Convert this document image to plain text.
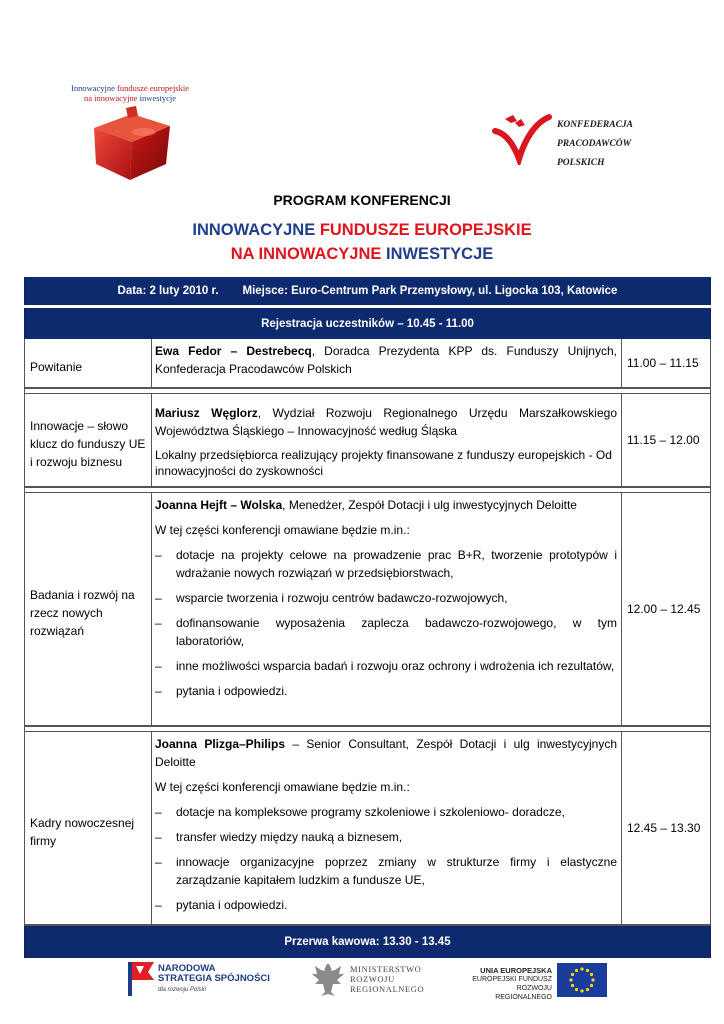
Innowacyjne fundusze europejskie
na innowacyjne inwestycje
KONFEDERACJA
PRACODAWCÓW
POLSKICH
PROGRAM KONFERENCJI
INNOWACYJNE FUNDUSZE EUROPEJSKIE
NA INNOWACYJNE INWESTYCJE
Data: 2 luty 2010 r. Miejsce: Euro-Centrum Park Przemysłowy, ul. Ligocka 103, Katowice
Rejestracja uczestników – 10.45 - 11.00
Powitanie

Ewa Fedor – Destrebecq, Doradca Prezydenta KPP ds. Funduszy Unijnych, Konfederacja Pracodawców Polskich	11.00 – 11.15
Innowacje – słowo klucz do funduszy UE i rozwoju biznesu

Mariusz Węglorz, Wydział Rozwoju Regionalnego Urzędu Marszałkowskiego Województwa Śląskiego – Innowacyjność według Śląska

Lokalny przedsiębiorca realizujący projekty finansowane z funduszy europejskich - Od innowacyjności do zyskowności

11.15 – 12.00
Badania i rozwój na rzecz nowych rozwiązań

Joanna Hejft – Wolska, Menedżer, Zespół Dotacji i ulg inwestycyjnych Deloitte

W tej części konferencji omawiane będzie m.in.:

– dotacje na projekty celowe na prowadzenie prac B+R, tworzenie prototypów i wdrażanie nowych rozwiązań w przedsiębiorstwach,
– wsparcie tworzenia i rozwoju centrów badawczo-rozwojowych,
– dofinansowanie wyposażenia zaplecza badawczo-rozwojowego, w tym laboratoriów,
– inne możliwości wsparcia badań i rozwoju oraz ochrony i wdrożenia ich rezultatów,
– pytania i odpowiedzi.
12.00 – 12.45
Kadry nowoczesnej firmy

Joanna Plizga–Philips – Senior Consultant, Zespół Dotacji i ulg inwestycyjnych Deloitte

W tej części konferencji omawiane będzie m.in.:

– dotacje na kompleksowe programy szkoleniowe i szkoleniowo- doradcze,
– transfer wiedzy między nauką a biznesem,
– innowacje organizacyjne poprzez zmiany w strukturze firmy i elastyczne zarządzanie kapitałem ludzkim a fundusze UE,
– pytania i odpowiedzi.
12.45 – 13.30
Przerwa kawowa: 13.30 - 13.45
NARODOWA
STRATEGIA SPÓJNOŚCI
dla rozwoju Polski
MINISTERSTWO
ROZWOJU
REGIONALNEGO
UNIA EUROPEJSKA
EUROPEJSKI FUNDUSZ
ROZWOJU REGIONALNEGO
